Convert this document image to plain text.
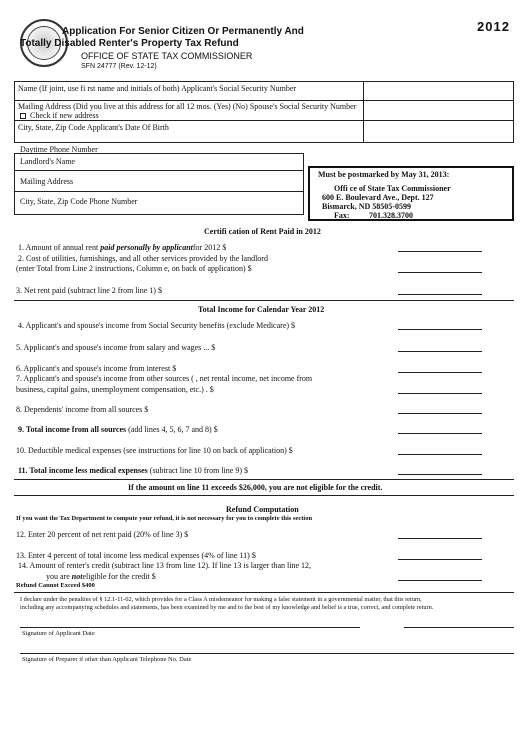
Application For Senior Citizen Or Permanently And
Totally Disabled Renter's Property Tax Refund
OFFICE OF STATE TAX COMMISSIONER
SFN 24777 (Rev. 12-12)
2012
Name (If joint, use fi rst name and initials of both) Applicant's Social Security Number
Mailing Address (Did you live at this address for all 12 mos. (Yes) (No) Spouse's Social Security Number
Check if new address
City, State, Zip Code Applicant's Date Of Birth
Daytime Phone Number
Landlord's Name
Mailing Address
City, State, Zip Code Phone Number
Must be postmarked by May 31, 2013:
Offi ce of State Tax Commissioner
600 E. Boulevard Ave., Dept. 127
Bismarck, ND 58505-0599
Fax: 701.328.3700
Certifi cation of Rent Paid in 2012
1. Amount of annual rent paid personally by applicantfor 2012 $
2. Cost of utilities, furnishings, and all other services provided by the landlord
(enter Total from Line 2 instructions, Column e, on back of application) $
3. Net rent paid (subtract line 2 from line 1) $
Total Income for Calendar Year 2012
4. Applicant's and spouse's income from Social Security benefits (exclude Medicare) $
5. Applicant's and spouse's income from salary and wages ... $
6. Applicant's and spouse's income from interest $
7. Applicant's and spouse's income from other sources ( , net rental income, net income from
business, capital gains, unemployment compensation, etc.) . $
8. Dependents' income from all sources $
9. Total income from all sources (add lines 4, 5, 6, 7 and 8) $
10. Deductible medical expenses (see instructions for line 10 on back of application) $
11. Total income less medical expenses (subtract line 10 from line 9) $
If the amount on line 11 exceeds $26,000, you are not eligible for the credit.
Refund Computation
If you want the Tax Department to compute your refund, it is not necessary for you to complete this section
12. Enter 20 percent of net rent paid (20% of line 3) $
13. Enter 4 percent of total income less medical expenses (4% of line 11) $
14. Amount of renter's credit (subtract line 13 from line 12). If line 13 is larger than line 12,
you are noteligible for the credit $
Refund Cannot Exceed $400
I declare under the penalties of § 12.1-11-02, which provides for a Class A misdemeanor for making a false statement in a governmental matter, that this return,
including any accompanying schedules and statements, has been examined by me and to the best of my knowledge and belief is a true, correct, and complete return.
Signature of Applicant Date
Signature of Preparer if other than Applicant Telephone No. Date
